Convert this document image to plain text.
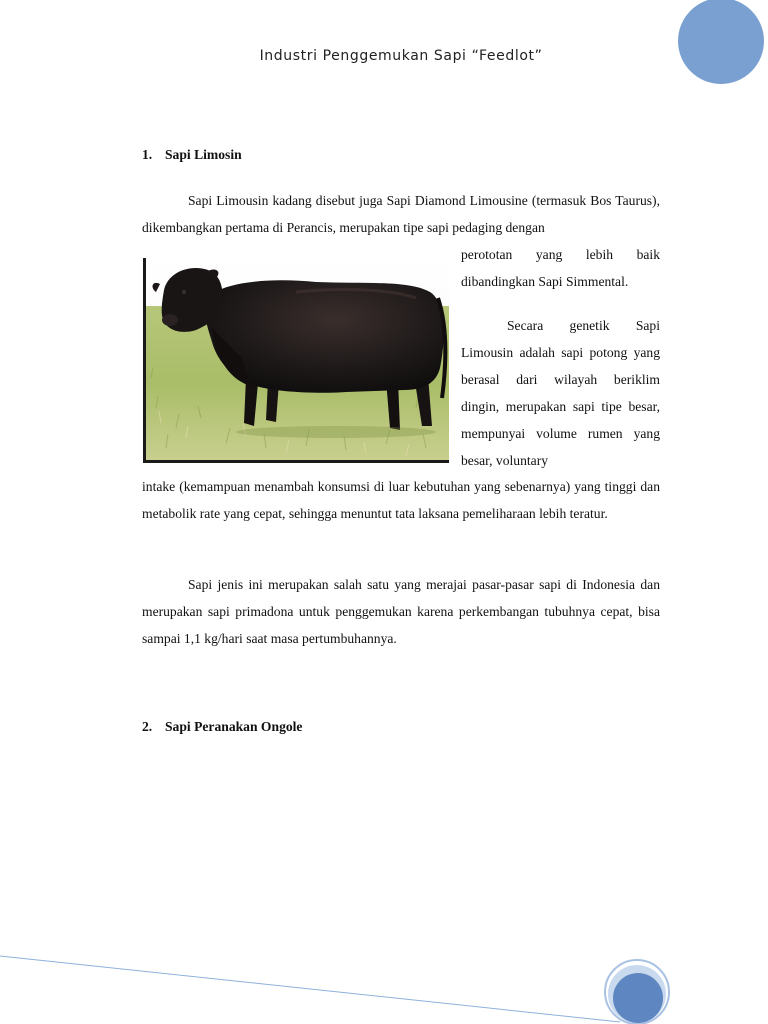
Industri Penggemukan Sapi “Feedlot”
1. Sapi Limosin

Sapi Limousin kadang disebut juga Sapi Diamond Limousine (termasuk Bos Taurus), dikembangkan pertama di Perancis, merupakan tipe sapi pedaging dengan

perototan yang lebih baik dibandingkan Sapi Simmental.

Secara genetik Sapi Limousin adalah sapi potong yang berasal dari wilayah beriklim dingin, merupakan sapi tipe besar, mempunyai volume rumen yang besar, voluntary

intake (kemampuan menambah konsumsi di luar kebutuhan yang sebenarnya) yang tinggi dan metabolik rate yang cepat, sehingga menuntut tata laksana pemeliharaan lebih teratur.

Sapi jenis ini merupakan salah satu yang merajai pasar-pasar sapi di Indonesia dan merupakan sapi primadona untuk penggemukan karena perkembangan tubuhnya cepat, bisa sampai 1,1 kg/hari saat masa pertumbuhannya.

2. Sapi Peranakan Ongole
